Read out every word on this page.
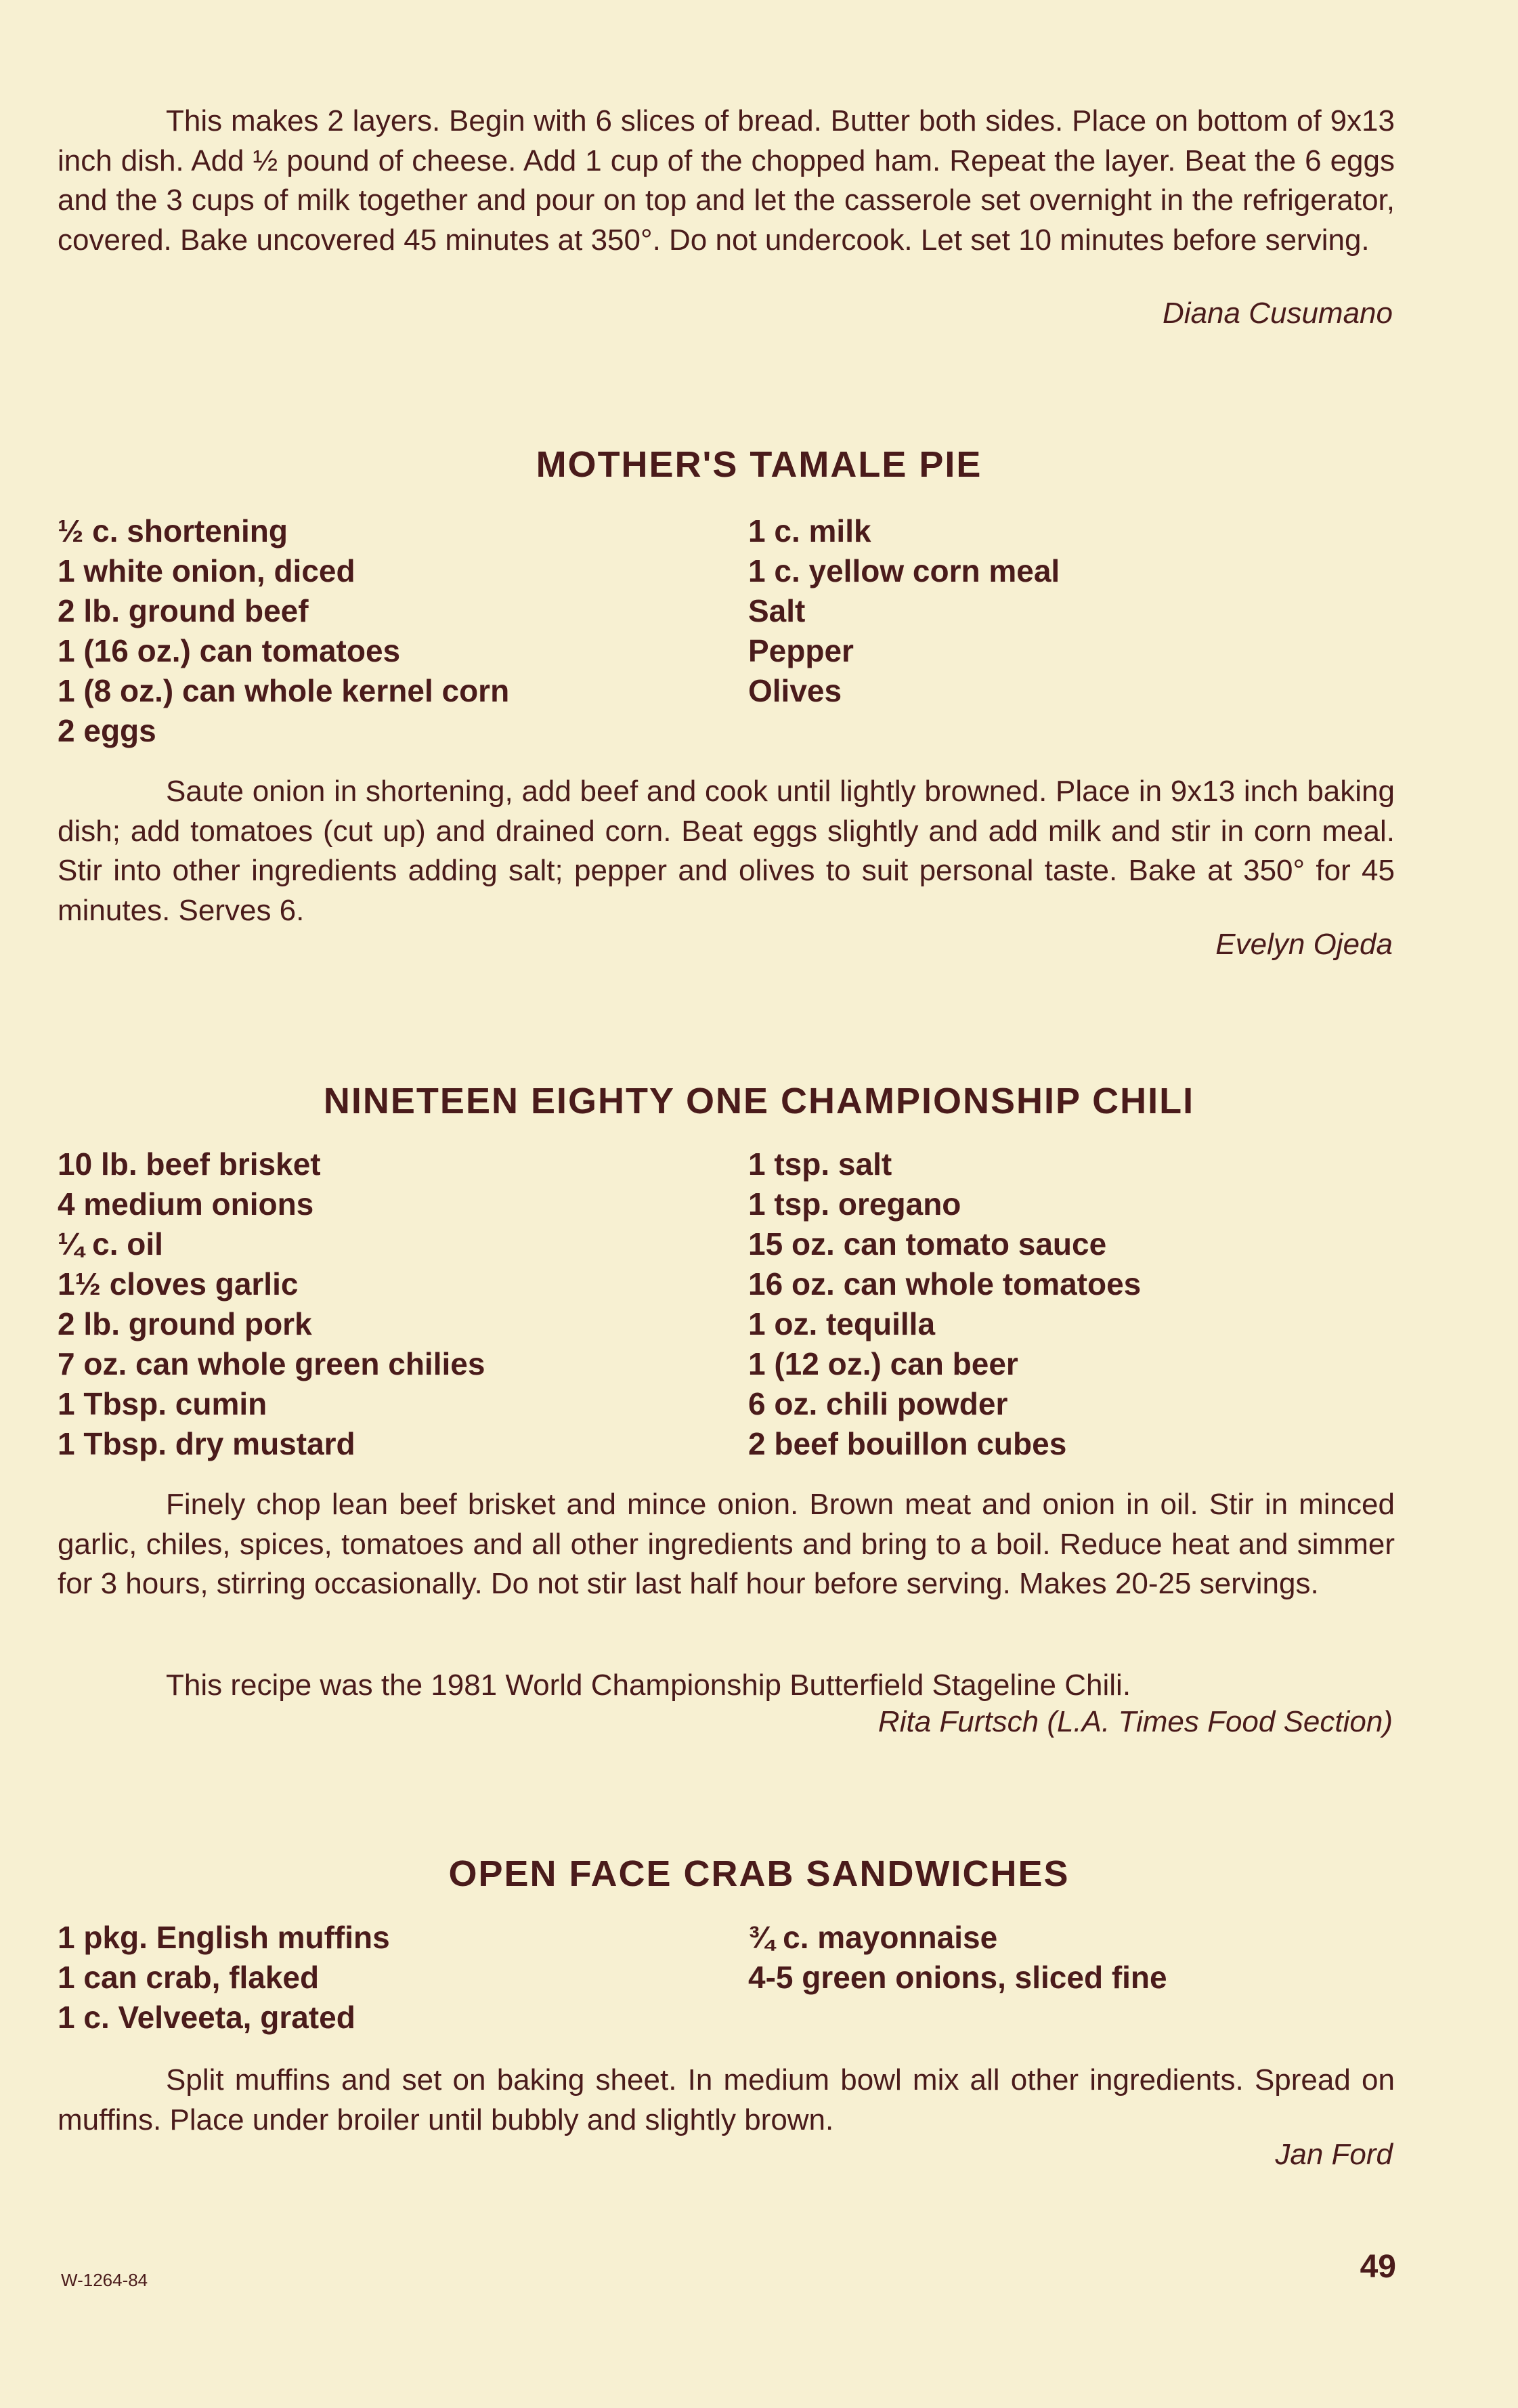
This makes 2 layers. Begin with 6 slices of bread. Butter both sides. Place on bottom of 9x13 inch dish. Add ½ pound of cheese. Add 1 cup of the chopped ham. Repeat the layer. Beat the 6 eggs and the 3 cups of milk together and pour on top and let the casserole set overnight in the refrigerator, covered. Bake uncovered 45 minutes at 350°. Do not undercook. Let set 10 minutes before serving.

Diana Cusumano

MOTHER'S TAMALE PIE
½ c. shortening
1 white onion, diced
2 lb. ground beef
1 (16 oz.) can tomatoes
1 (8 oz.) can whole kernel corn
2 eggs
1 c. milk
1 c. yellow corn meal
Salt
Pepper
Olives

Saute onion in shortening, add beef and cook until lightly browned. Place in 9x13 inch baking dish; add tomatoes (cut up) and drained corn. Beat eggs slightly and add milk and stir in corn meal. Stir into other ingredients adding salt; pepper and olives to suit personal taste. Bake at 350° for 45 minutes. Serves 6.

Evelyn Ojeda

NINETEEN EIGHTY ONE CHAMPIONSHIP CHILI
10 lb. beef brisket
4 medium onions
¼ c. oil
1½ cloves garlic
2 lb. ground pork
7 oz. can whole green chilies
1 Tbsp. cumin
1 Tbsp. dry mustard
1 tsp. salt
1 tsp. oregano
15 oz. can tomato sauce
16 oz. can whole tomatoes
1 oz. tequilla
1 (12 oz.) can beer
6 oz. chili powder
2 beef bouillon cubes

Finely chop lean beef brisket and mince onion. Brown meat and onion in oil. Stir in minced garlic, chiles, spices, tomatoes and all other ingredients and bring to a boil. Reduce heat and simmer for 3 hours, stirring occasionally. Do not stir last half hour before serving. Makes 20-25 servings.

This recipe was the 1981 World Championship Butterfield Stageline Chili.

Rita Furtsch (L.A. Times Food Section)

OPEN FACE CRAB SANDWICHES
1 pkg. English muffins
1 can crab, flaked
1 c. Velveeta, grated
¾ c. mayonnaise
4-5 green onions, sliced fine

Split muffins and set on baking sheet. In medium bowl mix all other ingredients. Spread on muffins. Place under broiler until bubbly and slightly brown.

Jan Ford

W-1264-84	49
